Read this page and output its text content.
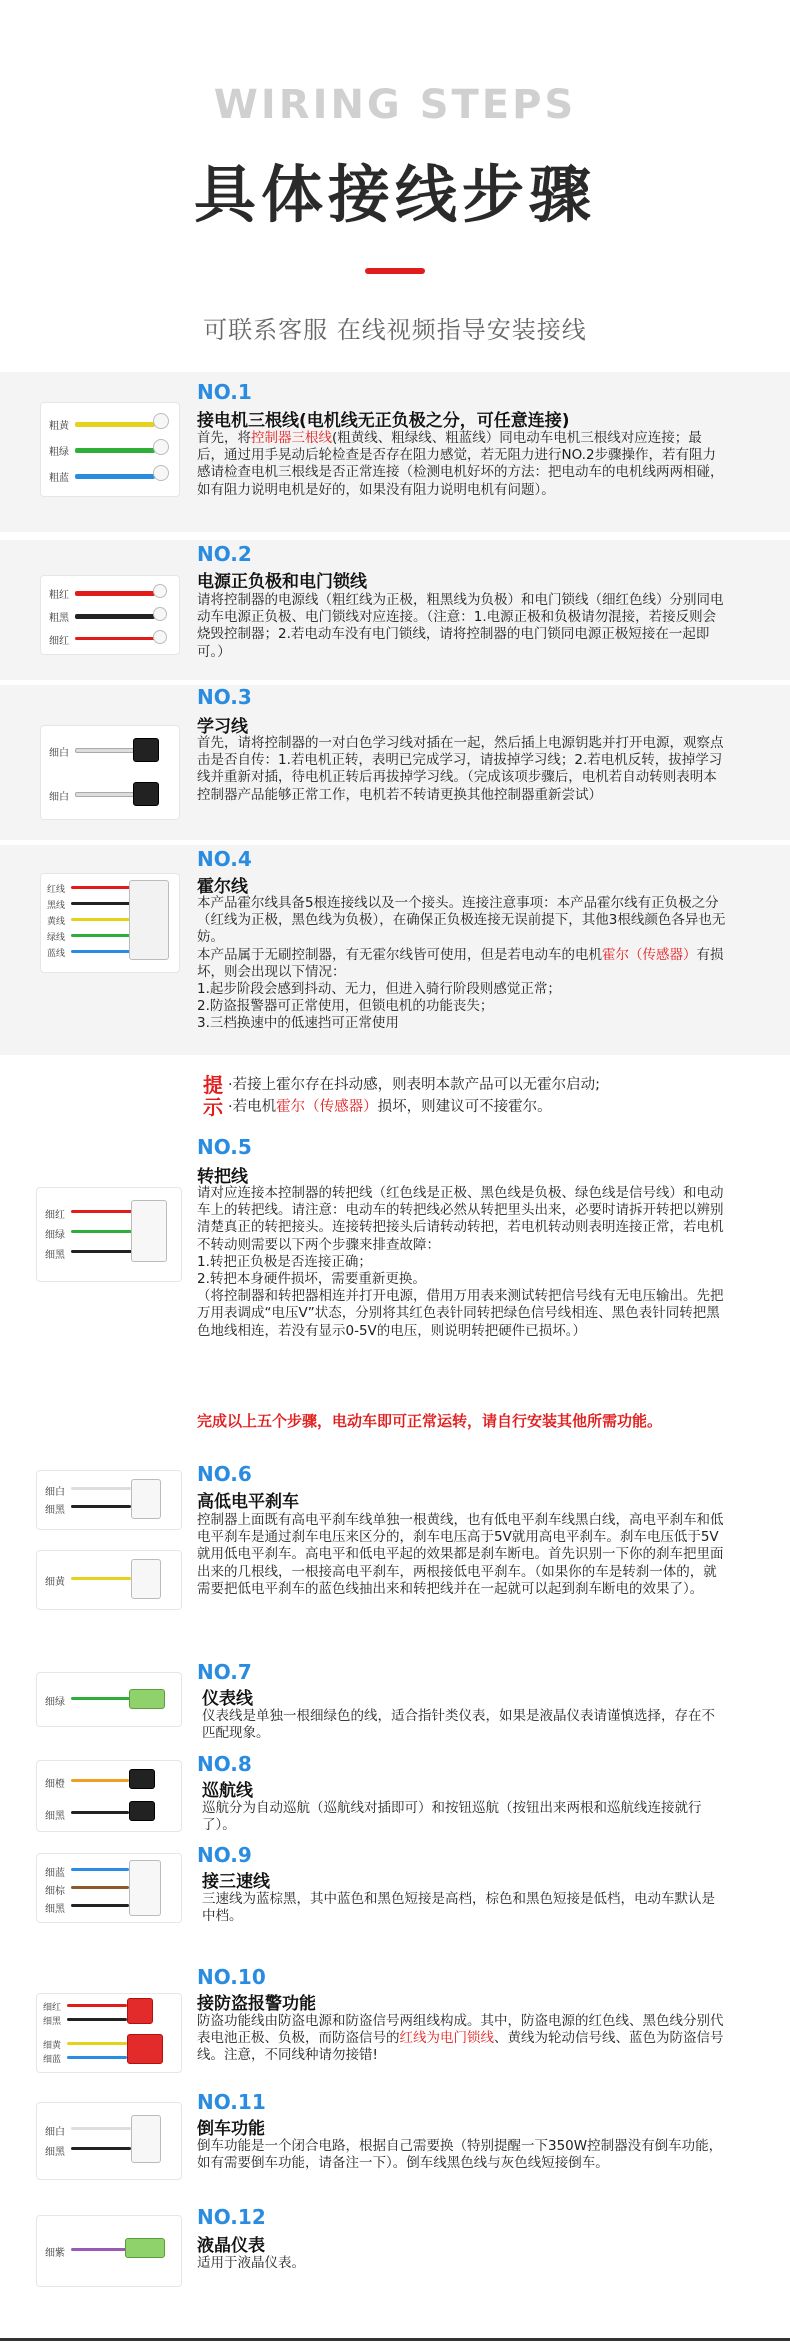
WIRING STEPS
具体接线步骤
可联系客服 在线视频指导安装接线
粗黄
粗绿
粗蓝
NO.1
接电机三根线(电机线无正负极之分，可任意连接)
首先，将控制器三根线(粗黄线、粗绿线、粗蓝线）同电动车电机三根线对应连接；最后，通过用手晃动后轮检查是否存在阻力感觉，若无阻力进行NO.2步骤操作，若有阻力感请检查电机三根线是否正常连接（检测电机好坏的方法：把电动车的电机线两两相碰，如有阻力说明电机是好的，如果没有阻力说明电机有问题）。
粗红
粗黑
细红
NO.2
电源正负极和电门锁线
请将控制器的电源线（粗红线为正极，粗黑线为负极）和电门锁线（细红色线）分别同电动车电源正负极、电门锁线对应连接。（注意：1.电源正极和负极请勿混接，若接反则会烧毁控制器；2.若电动车没有电门锁线，请将控制器的电门锁同电源正极短接在一起即可。）
细白
细白
NO.3
学习线
首先，请将控制器的一对白色学习线对插在一起，然后插上电源钥匙并打开电源，观察点击是否自传：1.若电机正转，表明已完成学习，请拔掉学习线；2.若电机反转，拔掉学习线并重新对插，待电机正转后再拔掉学习线。（完成该项步骤后，电机若自动转则表明本控制器产品能够正常工作，电机若不转请更换其他控制器重新尝试）
红线
黑线
黄线
绿线
蓝线
NO.4
霍尔线
本产品霍尔线具备5根连接线以及一个接头。连接注意事项：本产品霍尔线有正负极之分（红线为正极，黑色线为负极），在确保正负极连接无误前提下，其他3根线颜色各异也无妨。
本产品属于无刷控制器，有无霍尔线皆可使用，但是若电动车的电机霍尔（传感器）有损坏，则会出现以下情况：
1.起步阶段会感到抖动、无力，但进入骑行阶段则感觉正常；
2.防盗报警器可正常使用，但锁电机的功能丧失；
3.三档换速中的低速挡可正常使用
提
示
·若接上霍尔存在抖动感，则表明本款产品可以无霍尔启动;
·若电机霍尔（传感器）损坏，则建议可不接霍尔。
细红
细绿
细黑
NO.5
转把线
请对应连接本控制器的转把线（红色线是正极、黑色线是负极、绿色线是信号线）和电动车上的转把线。请注意：电动车的转把线必然从转把里头出来，必要时请拆开转把以辨别清楚真正的转把接头。连接转把接头后请转动转把，若电机转动则表明连接正常，若电机不转动则需要以下两个步骤来排查故障：
1.转把正负极是否连接正确；
2.转把本身硬件损坏，需要重新更换。
（将控制器和转把器相连并打开电源，借用万用表来测试转把信号线有无电压输出。先把万用表调成“电压V”状态，分别将其红色表针同转把绿色信号线相连、黑色表针同转把黑色地线相连，若没有显示0-5V的电压，则说明转把硬件已损坏。）
完成以上五个步骤，电动车即可正常运转，请自行安装其他所需功能。
细白
细黑
细黄
NO.6
高低电平刹车
控制器上面既有高电平刹车线单独一根黄线，也有低电平刹车线黑白线，高电平刹车和低电平刹车是通过刹车电压来区分的，刹车电压高于5V就用高电平刹车。刹车电压低于5V就用低电平刹车。高电平和低电平起的效果都是刹车断电。首先识别一下你的刹车把里面出来的几根线，一根接高电平刹车，两根接低电平刹车。（如果你的车是转刹一体的，就需要把低电平刹车的蓝色线抽出来和转把线并在一起就可以起到刹车断电的效果了）。
细绿
NO.7
仪表线
仪表线是单独一根细绿色的线，适合指针类仪表，如果是液晶仪表请谨慎选择，存在不匹配现象。
细橙
细黑
NO.8
巡航线
巡航分为自动巡航（巡航线对插即可）和按钮巡航（按钮出来两根和巡航线连接就行了）。
细蓝
细棕
细黑
NO.9
接三速线
三速线为蓝棕黑，其中蓝色和黑色短接是高档，棕色和黑色短接是低档，电动车默认是中档。
细红
细黑
细黄
细蓝
NO.10
接防盗报警功能
防盗功能线由防盗电源和防盗信号两组线构成。其中，防盗电源的红色线、黑色线分别代表电池正极、负极，而防盗信号的红线为电门锁线、黄线为轮动信号线、蓝色为防盗信号线。注意，不同线种请勿接错!
细白
细黑
NO.11
倒车功能
倒车功能是一个闭合电路，根据自己需要换（特别提醒一下350W控制器没有倒车功能，如有需要倒车功能，请备注一下）。倒车线黑色线与灰色线短接倒车。
细紫
NO.12
液晶仪表
适用于液晶仪表。
